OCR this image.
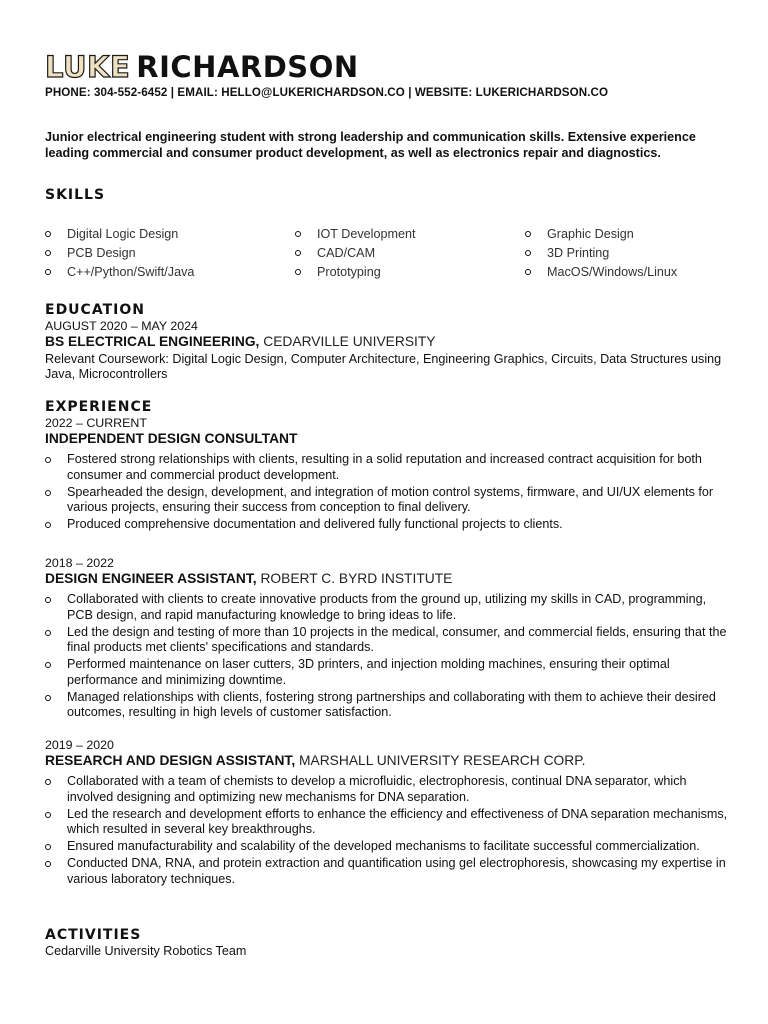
LUKE RICHARDSON
PHONE: 304-552-6452 | EMAIL: HELLO@LUKERICHARDSON.CO | WEBSITE: LUKERICHARDSON.CO

Junior electrical engineering student with strong leadership and communication skills. Extensive experience leading commercial and consumer product development, as well as electronics repair and diagnostics.

SKILLS
Digital Logic Design
PCB Design
C++/Python/Swift/Java
IOT Development
CAD/CAM
Prototyping
Graphic Design
3D Printing
MacOS/Windows/Linux
EDUCATION
AUGUST 2020 – MAY 2024
BS ELECTRICAL ENGINEERING, CEDARVILLE UNIVERSITY

Relevant Coursework: Digital Logic Design, Computer Architecture, Engineering Graphics, Circuits, Data Structures using Java, Microcontrollers

EXPERIENCE
2022 – CURRENT
INDEPENDENT DESIGN CONSULTANT
Fostered strong relationships with clients, resulting in a solid reputation and increased contract acquisition for both consumer and commercial product development.
Spearheaded the design, development, and integration of motion control systems, firmware, and UI/UX elements for various projects, ensuring their success from conception to final delivery.
Produced comprehensive documentation and delivered fully functional projects to clients.
2018 – 2022
DESIGN ENGINEER ASSISTANT, ROBERT C. BYRD INSTITUTE
Collaborated with clients to create innovative products from the ground up, utilizing my skills in CAD, programming, PCB design, and rapid manufacturing knowledge to bring ideas to life.
Led the design and testing of more than 10 projects in the medical, consumer, and commercial fields, ensuring that the final products met clients' specifications and standards.
Performed maintenance on laser cutters, 3D printers, and injection molding machines, ensuring their optimal performance and minimizing downtime.
Managed relationships with clients, fostering strong partnerships and collaborating with them to achieve their desired outcomes, resulting in high levels of customer satisfaction.
2019 – 2020
RESEARCH AND DESIGN ASSISTANT, MARSHALL UNIVERSITY RESEARCH CORP.
Collaborated with a team of chemists to develop a microfluidic, electrophoresis, continual DNA separator, which involved designing and optimizing new mechanisms for DNA separation.
Led the research and development efforts to enhance the efficiency and effectiveness of DNA separation mechanisms, which resulted in several key breakthroughs.
Ensured manufacturability and scalability of the developed mechanisms to facilitate successful commercialization.
Conducted DNA, RNA, and protein extraction and quantification using gel electrophoresis, showcasing my expertise in various laboratory techniques.
ACTIVITIES
Cedarville University Robotics Team
